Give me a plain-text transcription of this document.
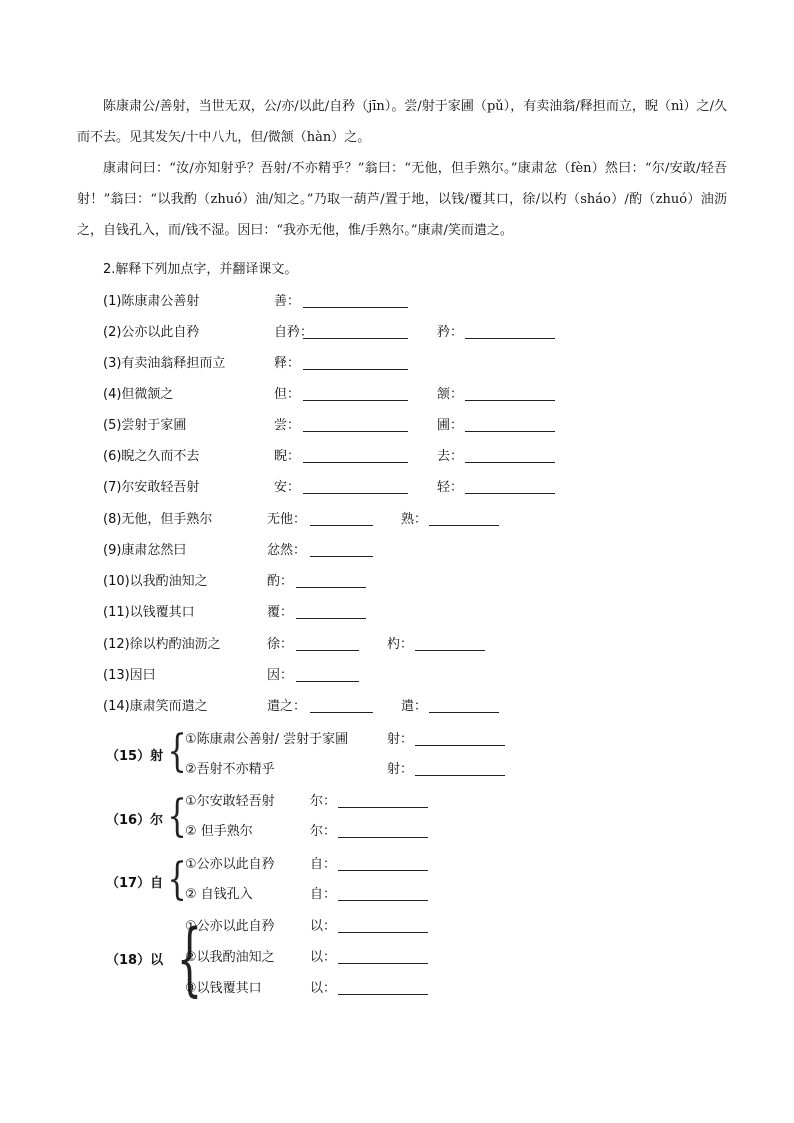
陈康肃公/善射，当世无双，公/亦/以此/自矜（jīn）。尝/射于家圃（pǔ），有卖油翁/释担而立，睨（nì）之/久而不去。见其发矢/十中八九，但/微颔（hàn）之。

康肃问曰：“汝/亦知射乎？吾射/不亦精乎？”翁曰：“无他，但手熟尔。”康肃忿（fèn）然曰：“尔/安敢/轻吾射！”翁曰：“以我酌（zhuó）油/知之。”乃取一葫芦/置于地，以钱/覆其口，徐/以杓（sháo）/酌（zhuó）油沥之，自钱孔入，而/钱不湿。因曰：“我亦无他，惟/手熟尔。”康肃/笑而遣之。

2.解释下列加点字，并翻译课文。
(1)陈康肃公善射	善：
(2)公亦以此自矜	自矜：	矜：
(3)有卖油翁释担而立	释：
(4)但微颔之	但：	颔：
(5)尝射于家圃	尝：	圃：
(6)睨之久而不去	睨：	去：
(7)尔安敢轻吾射	安：	轻：
(8)无他，但手熟尔	无他：	熟：
(9)康肃忿然曰	忿然：
(10)以我酌油知之	酌：
(11)以钱覆其口	覆：
(12)徐以杓酌油沥之	徐：	杓：
(13)因曰	因：
(14)康肃笑而遣之	遣之：	遣：
（15）射 {
①陈康肃公善射/ 尝射于家圃	射：
②吾射不亦精乎	射：
（16）尔 {
①尔安敢轻吾射	尔：
② 但手熟尔	尔：
（17）自 {
①公亦以此自矜	自：
② 自钱孔入	自：
（18）以 {
①公亦以此自矜	以：
②以我酌油知之	以：
③以钱覆其口	以：
